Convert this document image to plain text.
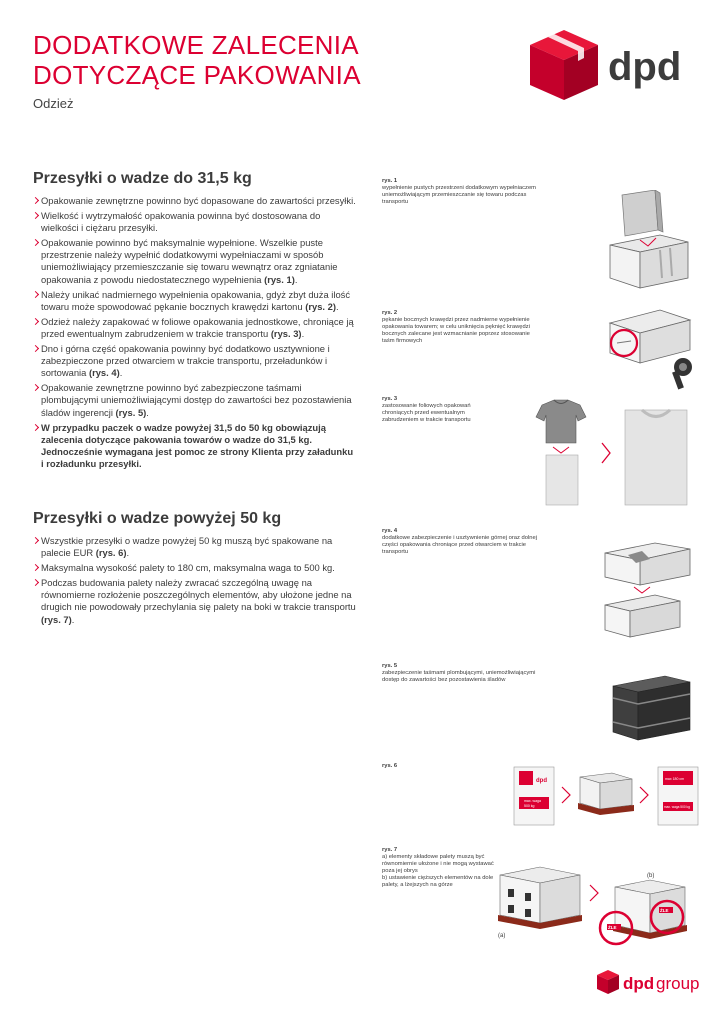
DODATKOWE ZALECENIA
DOTYCZĄCE PAKOWANIA
Odzież
dpd
Przesyłki o wadze do 31,5 kg
Opakowanie zewnętrzne powinno być dopasowane do zawartości przesyłki.
Wielkość i wytrzymałość opakowania powinna być dostosowana do wielkości i ciężaru przesyłki.
Opakowanie powinno być maksymalnie wypełnione. Wszelkie puste przestrzenie należy wypełnić dodatkowymi wypełniaczami w sposób uniemożliwiający przemieszczanie się towaru wewnątrz oraz zgniatanie opakowania z powodu niedostatecznego wypełnienia (rys. 1).
Należy unikać nadmiernego wypełnienia opakowania, gdyż zbyt duża ilość towaru może spowodować pękanie bocznych krawędzi kartonu (rys. 2).
Odzież należy zapakować w foliowe opakowania jednostkowe, chroniące ją przed ewentualnym zabrudzeniem w trakcie transportu (rys. 3).
Dno i górna część opakowania powinny być dodatkowo usztywnione i zabezpieczone przed otwarciem w trakcie transportu, przeładunków i sortowania (rys. 4).
Opakowanie zewnętrzne powinno być zabezpieczone taśmami plombującymi uniemożliwiającymi dostęp do zawartości bez pozostawienia śladów ingerencji (rys. 5).
W przypadku paczek o wadze powyżej 31,5 do 50 kg obowiązują zalecenia dotyczące pakowania towarów o wadze do 31,5 kg. Jednocześnie wymagana jest pomoc ze strony Klienta przy załadunku i rozładunku przesyłki.
Przesyłki o wadze powyżej 50 kg
Wszystkie przesyłki o wadze powyżej 50 kg muszą być spakowane na palecie EUR (rys. 6).
Maksymalna wysokość palety to 180 cm, maksymalna waga to 500 kg.
Podczas budowania palety należy zwracać szczególną uwagę na równomierne rozłożenie poszczególnych elementów, aby ułożone jedne na drugich nie powodowały przechylania się palety na boki w trakcie transportu (rys. 7).
rys. 1
wypełnienie pustych przestrzeni dodatkowym wypełniaczem uniemożliwiającym przemieszczanie się towaru podczas transportu
rys. 2
pękanie bocznych krawędzi przez nadmierne wypełnienie opakowania towarem; w celu uniknięcia pęknięć krawędzi bocznych zalecane jest wzmacnianie poprzez stosowanie taśm firmowych
rys. 3
zastosowanie foliowych opakowań chroniących przed ewentualnym zabrudzeniem w trakcie transportu
rys. 4
dodatkowe zabezpieczenie i usztywnienie górnej oraz dolnej części opakowania chroniące przed otwarciem w trakcie transportu
rys. 5
zabezpieczenie taśmami plombującymi, uniemożliwiającymi dostęp do zawartości bez pozostawienia śladów
rys. 6
rys. 7
a) elementy składowe palety muszą być równomiernie ułożone i nie mogą wystawać poza jej obrys
b) ustawienie cięższych elementów na dole palety, a lżejszych na górze
dpd
max. waga
500 kg
max 180 cm
max. waga 500 kg
(a)
(b)
ŹLE
ŹLE
dpd group
